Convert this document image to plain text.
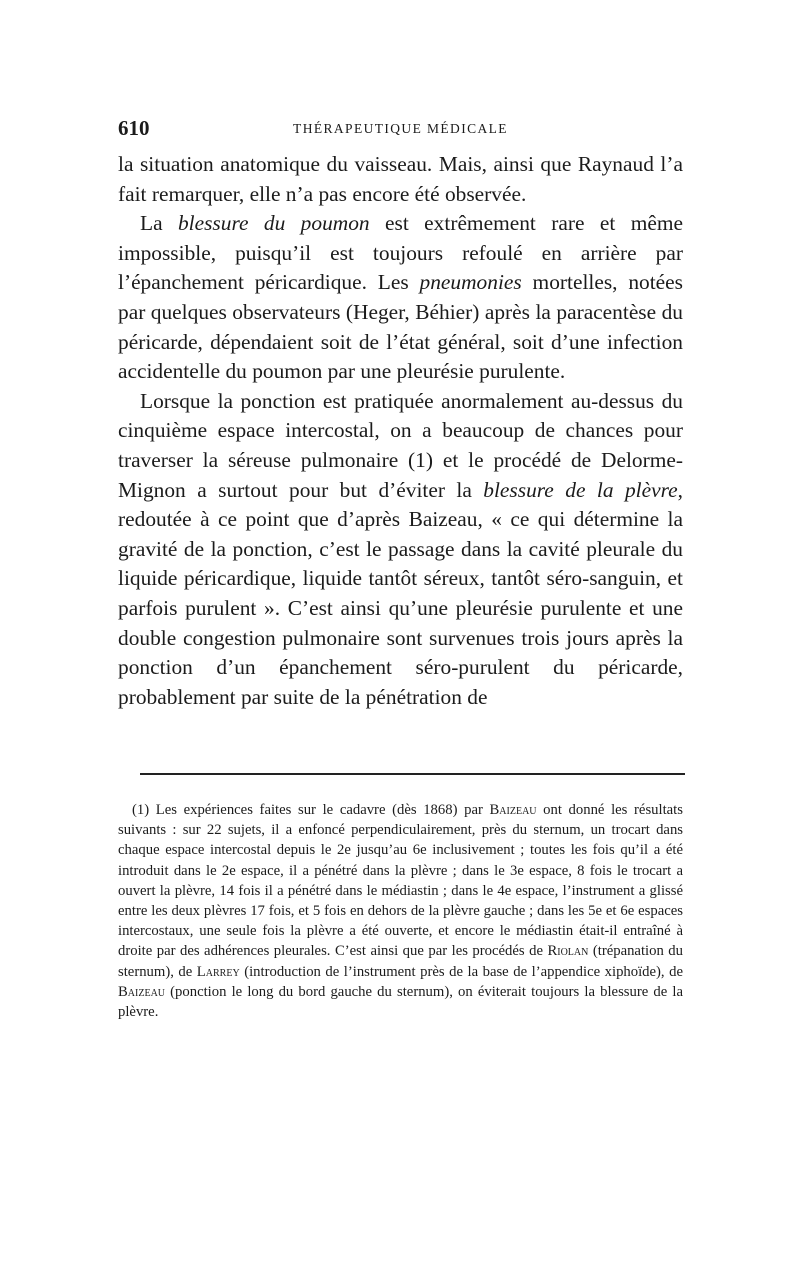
610	THÉRAPEUTIQUE MÉDICALE

la situation anatomique du vaisseau. Mais, ainsi que Raynaud l’a fait remarquer, elle n’a pas encore été observée.

La blessure du poumon est extrêmement rare et même impossible, puisqu’il est toujours refoulé en arrière par l’épanchement péricardique. Les pneumonies mortelles, notées par quelques observateurs (Heger, Béhier) après la paracentèse du péricarde, dépendaient soit de l’état général, soit d’une infection accidentelle du poumon par une pleurésie purulente.

Lorsque la ponction est pratiquée anormalement au-dessus du cinquième espace intercostal, on a beaucoup de chances pour traverser la séreuse pulmonaire (1) et le procédé de Delorme-Mignon a surtout pour but d’éviter la blessure de la plèvre, redoutée à ce point que d’après Baizeau, « ce qui détermine la gravité de la ponction, c’est le passage dans la cavité pleurale du liquide péricardique, liquide tantôt séreux, tantôt séro-sanguin, et parfois purulent ». C’est ainsi qu’une pleurésie purulente et une double congestion pulmonaire sont survenues trois jours après la ponction d’un épanchement séro-purulent du péricarde, probablement par suite de la pénétration de

(1) Les expériences faites sur le cadavre (dès 1868) par Baizeau ont donné les résultats suivants : sur 22 sujets, il a enfoncé perpendiculairement, près du sternum, un trocart dans chaque espace intercostal depuis le 2e jusqu’au 6e inclusivement ; toutes les fois qu’il a été introduit dans le 2e espace, il a pénétré dans la plèvre ; dans le 3e espace, 8 fois le trocart a ouvert la plèvre, 14 fois il a pénétré dans le médiastin ; dans le 4e espace, l’instrument a glissé entre les deux plèvres 17 fois, et 5 fois en dehors de la plèvre gauche ; dans les 5e et 6e espaces intercostaux, une seule fois la plèvre a été ouverte, et encore le médiastin était-il entraîné à droite par des adhérences pleurales. C’est ainsi que par les procédés de Riolan (trépanation du sternum), de Larrey (introduction de l’instrument près de la base de l’appendice xiphoïde), de Baizeau (ponction le long du bord gauche du sternum), on éviterait toujours la blessure de la plèvre.
